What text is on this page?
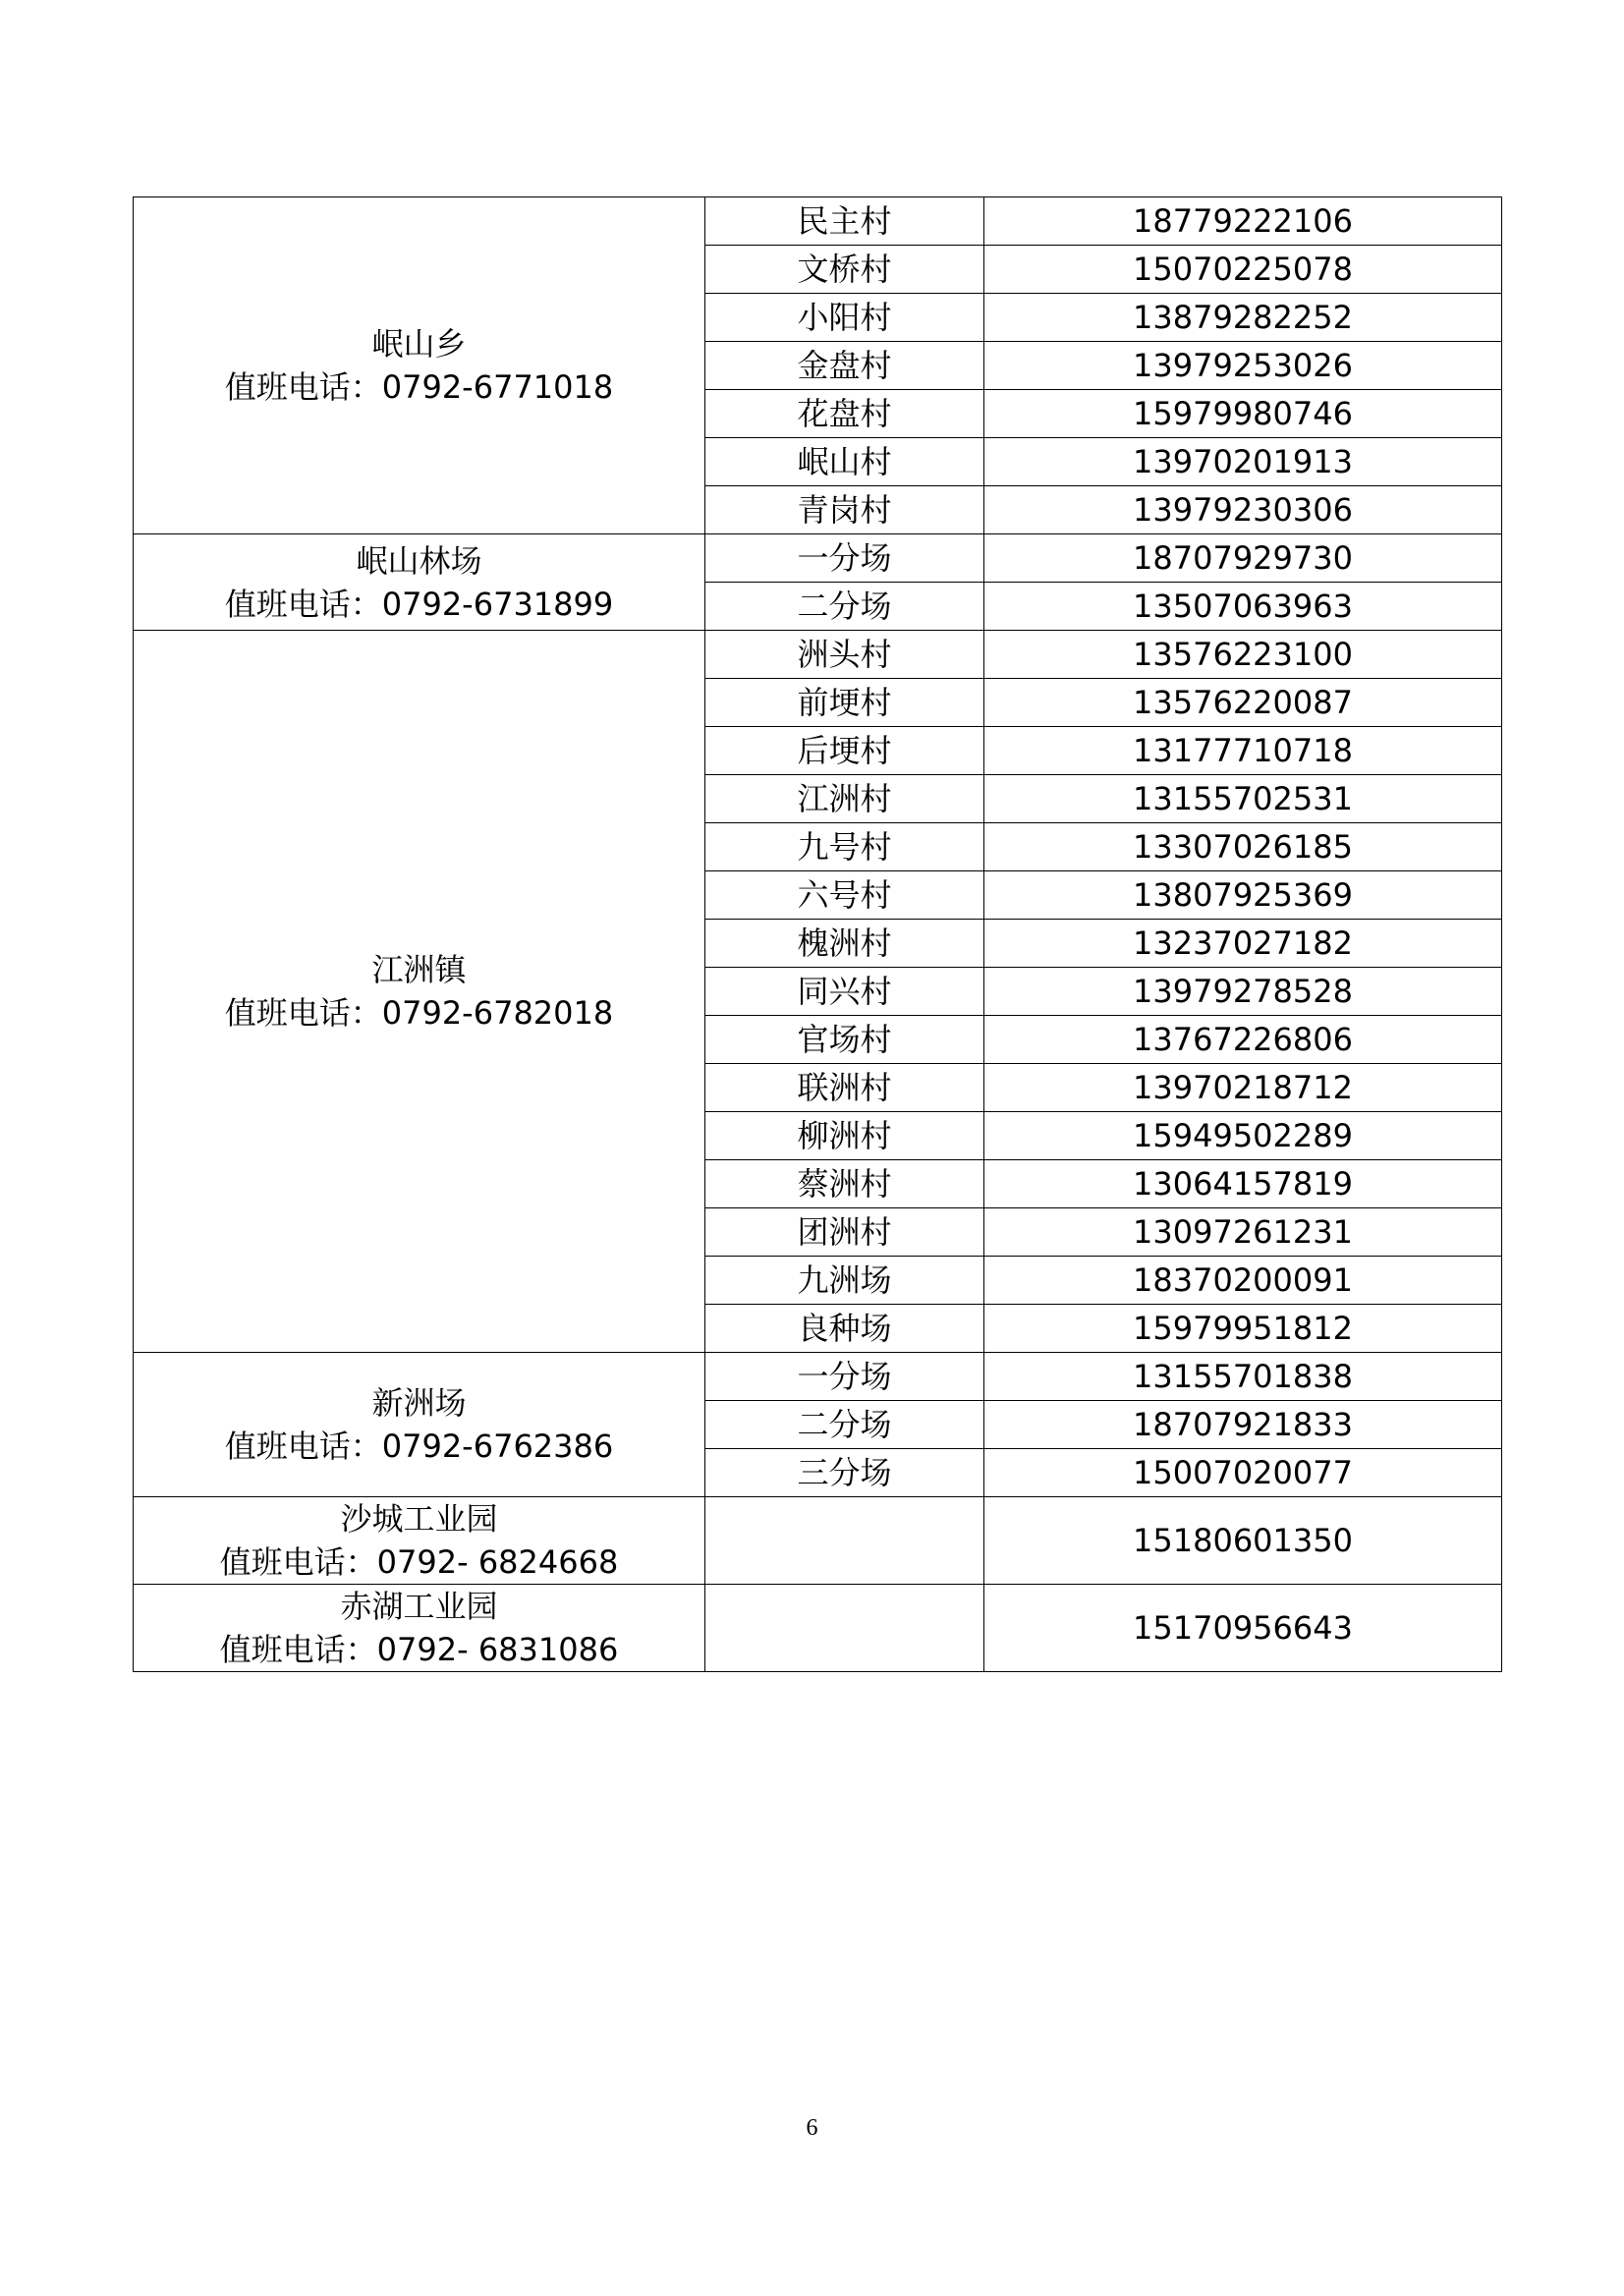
岷山乡
值班电话：0792-6771018	民主村	18779222106
	文桥村	15070225078
	小阳村	13879282252
	金盘村	13979253026
	花盘村	15979980746
	岷山村	13970201913
	青岗村	13979230306

岷山林场
值班电话：0792-6731899	一分场	18707929730
	二分场	13507063963

江洲镇
值班电话：0792-6782018	洲头村	13576223100
	前埂村	13576220087
	后埂村	13177710718
	江洲村	13155702531
	九号村	13307026185
	六号村	13807925369
	槐洲村	13237027182
	同兴村	13979278528
	官场村	13767226806
	联洲村	13970218712
	柳洲村	15949502289
	蔡洲村	13064157819
	团洲村	13097261231
	九洲场	18370200091
	良种场	15979951812

新洲场
值班电话：0792-6762386	一分场	13155701838
	二分场	18707921833
	三分场	15007020077

沙城工业园
值班电话：0792- 6824668		15180601350

赤湖工业园
值班电话：0792- 6831086		15170956643
6
